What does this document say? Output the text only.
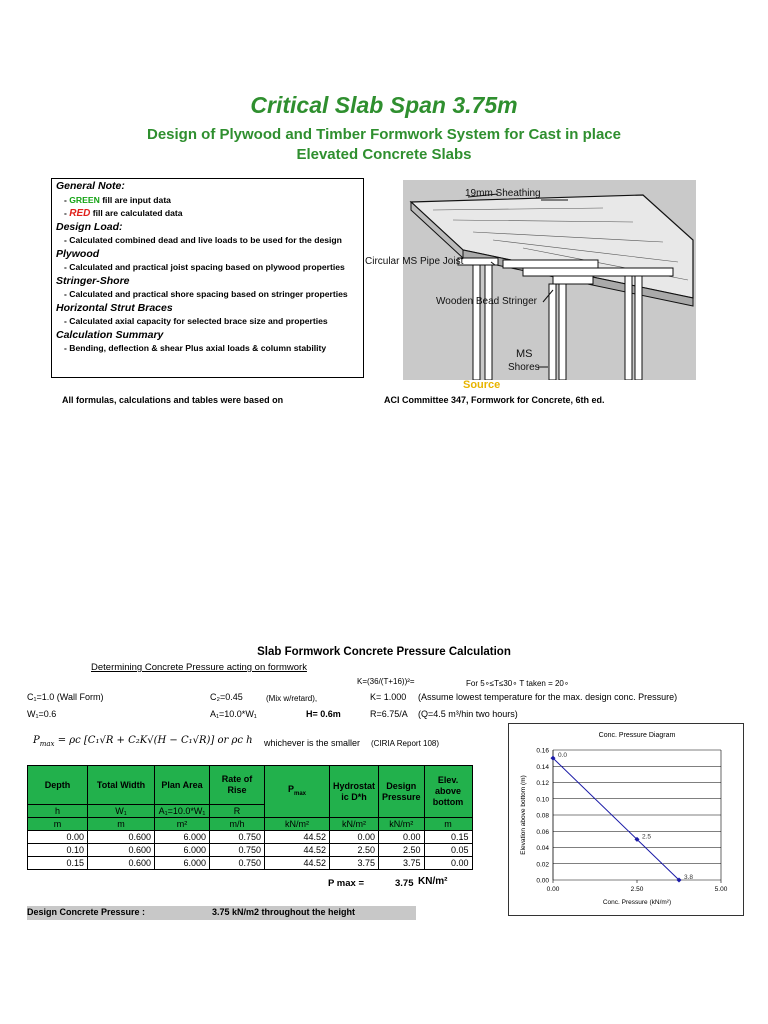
Critical Slab Span 3.75m
Design of Plywood and Timber Formwork System for Cast in place
Elevated Concrete Slabs
General Note:
- GREEN fill are input data
- RED fill are calculated data
Design Load:
- Calculated combined dead and live loads to be used for the design
Plywood
- Calculated and practical joist spacing based on plywood properties
Stringer-Shore
- Calculated and practical shore spacing based on stringer properties
Horizontal Strut Braces
- Calculated axial capacity for selected brace size and properties
Calculation Summary
- Bending, deflection & shear Plus axial loads & column stability
19mm Sheathing
Circular MS Pipe Joist
Wooden Bead Stringer
MS
Shores
Source
All formulas, calculations and tables were based on	ACI Committee 347, Formwork for Concrete, 6th ed.
Slab Formwork Concrete Pressure Calculation
Determining Concrete Pressure acting on formwork
K=(36/(T+16))²=	For 5∘≤T≤30∘ T taken = 20∘
C₁=1.0 (Wall Form)	C₂=0.45	(Mix w/retard),	K= 1.000 (Assume lowest temperature for the max. design conc. Pressure)
W₁=0.6	A₁=10.0*W₁	H= 0.6m	R=6.75/A (Q=4.5 m³/hin two hours)
$P_{max} = \rho c$ [C₁√R + C₂K√(H − C₁√R)] or ρc h whichever is the smaller (CIRIA Report 108)
Depth	Total Width	Plan Area	Rate of Rise	$P_{max}$	Hydrostat ic D*h	Design Pressure	Elev. above bottom
h	W₁	A₁=10.0*W₁	R				
m	m	m²	m/h	kN/m²	kN/m²	kN/m²	m
0.00	0.600	6.000	0.750	44.52	0.00	0.00	0.15
0.10	0.600	6.000	0.750	44.52	2.50	2.50	0.05
0.15	0.600	6.000	0.750	44.52	3.75	3.75	0.00
P max =	3.75 KN/m²
Design Concrete Pressure :	3.75 kN/m2 throughout the height
Conc. Pressure Diagram
0.00
0.02
0.04
0.06
0.08
0.10
0.12
0.14
0.16
0.00	2.50	5.00
Conc. Pressure (kN/m²)
Elevation above bottom (m)
0.0
2.5
3.8
